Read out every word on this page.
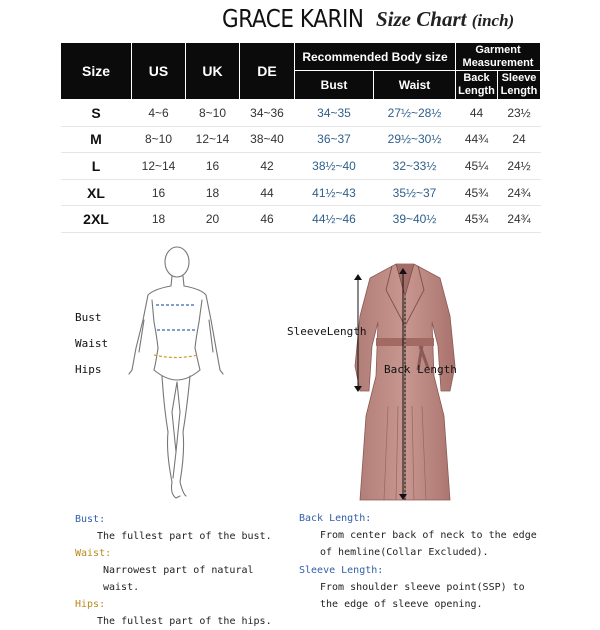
GRACE KARIN Size Chart (inch)
Size	US	UK	DE	Recommended Body size		Garment Measurement	
				Bust	Waist	Back Length	Sleeve Length
S	4~6	8~10	34~36	34~35	27½~28½	44	23½
M	8~10	12~14	38~40	36~37	29½~30½	44¾	24
L	12~14	16	42	38½~40	32~33½	45¼	24½
XL	16	18	44	41½~43	35½~37	45¾	24¾
2XL	18	20	46	44½~46	39~40½	45¾	24¾
Bust
Waist
Hips
SleeveLength
Back Length
Bust:
The fullest part of the bust.
Waist:
Narrowest part of natural waist.
Hips:
The fullest part of the hips.
Back Length:
From center back of neck to the edge
of hemline(Collar Excluded).
Sleeve Length:
From shoulder sleeve point(SSP) to
the edge of sleeve opening.
